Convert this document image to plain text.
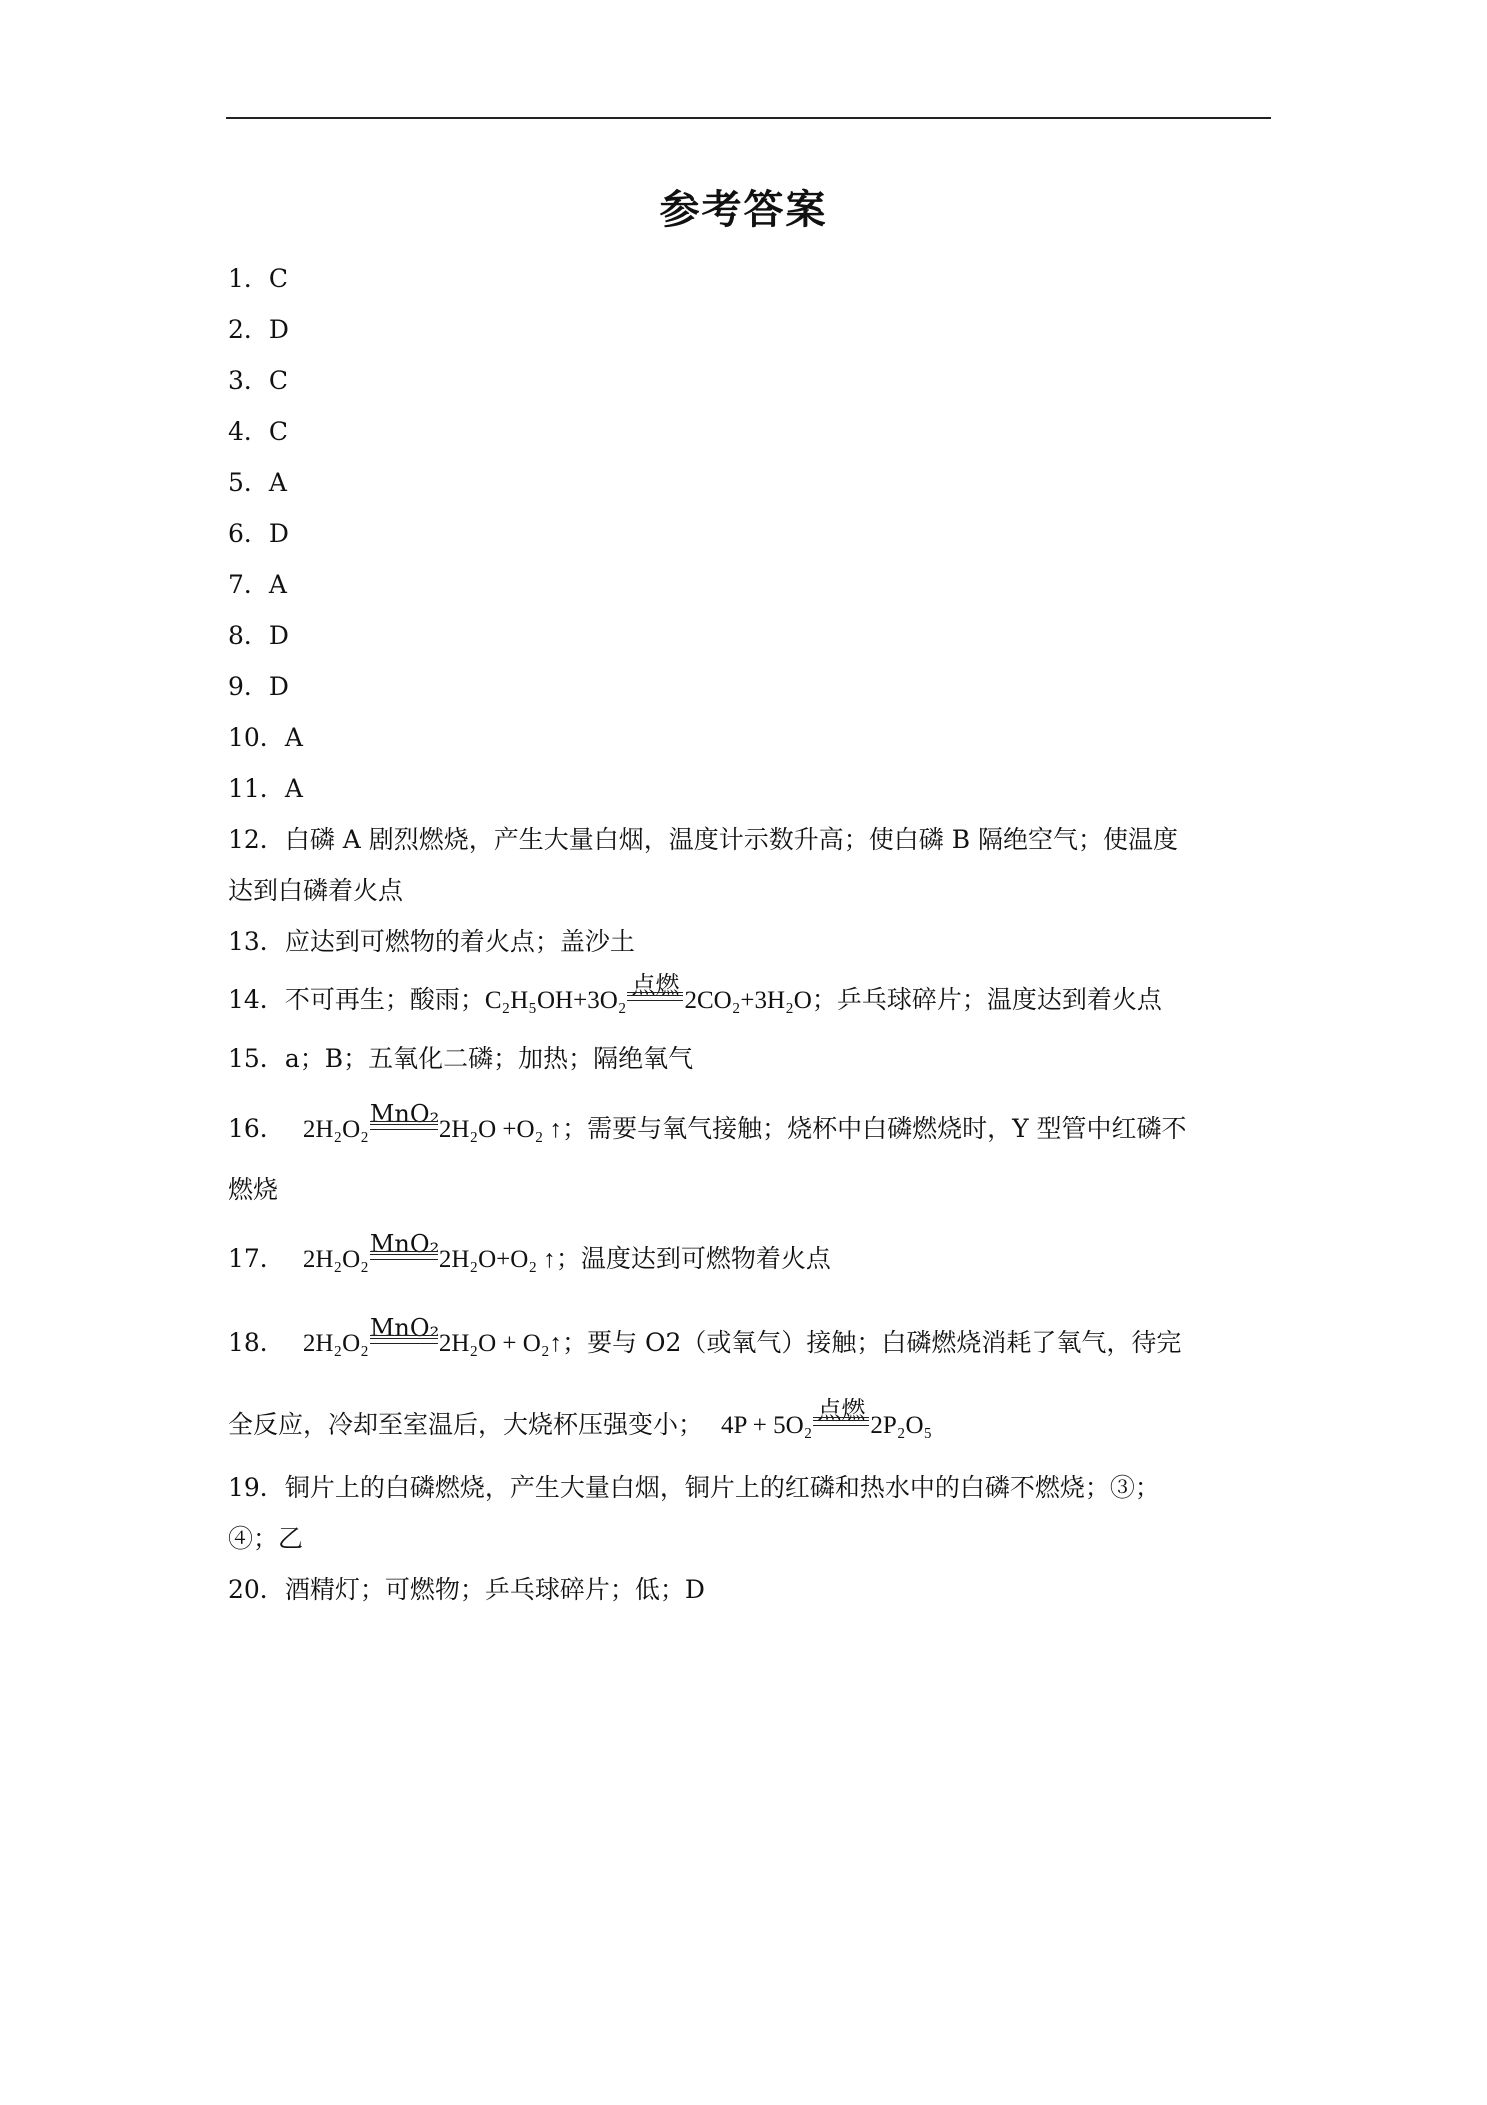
参考答案
1．C
2．D
3．C
4．C
5．A
6．D
7．A
8．D
9．D
10．A
11．A
12．白磷 A 剧烈燃烧，产生大量白烟，温度计示数升高；使白磷 B 隔绝空气；使温度
达到白磷着火点
13．应达到可燃物的着火点；盖沙土
14．不可再生；酸雨；C₂H₅OH+3O₂
点燃
2CO₂+3H₂O；乒乓球碎片；温度达到着火点
15．a；B；五氧化二磷；加热；隔绝氧气
16． 2H₂O₂
MnO₂
2H₂O +O₂ ↑；需要与氧气接触；烧杯中白磷燃烧时，Y 型管中红磷不
燃烧
17． 2H₂O₂
MnO₂
2H₂O+O₂ ↑；温度达到可燃物着火点
18． 2H₂O₂
MnO₂
2H₂O + O₂↑；要与 O2（或氧气）接触；白磷燃烧消耗了氧气，待完
全反应，冷却至室温后，大烧杯压强变小； 4P + 5O₂
点燃
2P₂O₅
19．铜片上的白磷燃烧，产生大量白烟，铜片上的红磷和热水中的白磷不燃烧；③；
④；乙
20．酒精灯；可燃物；乒乓球碎片；低；D
